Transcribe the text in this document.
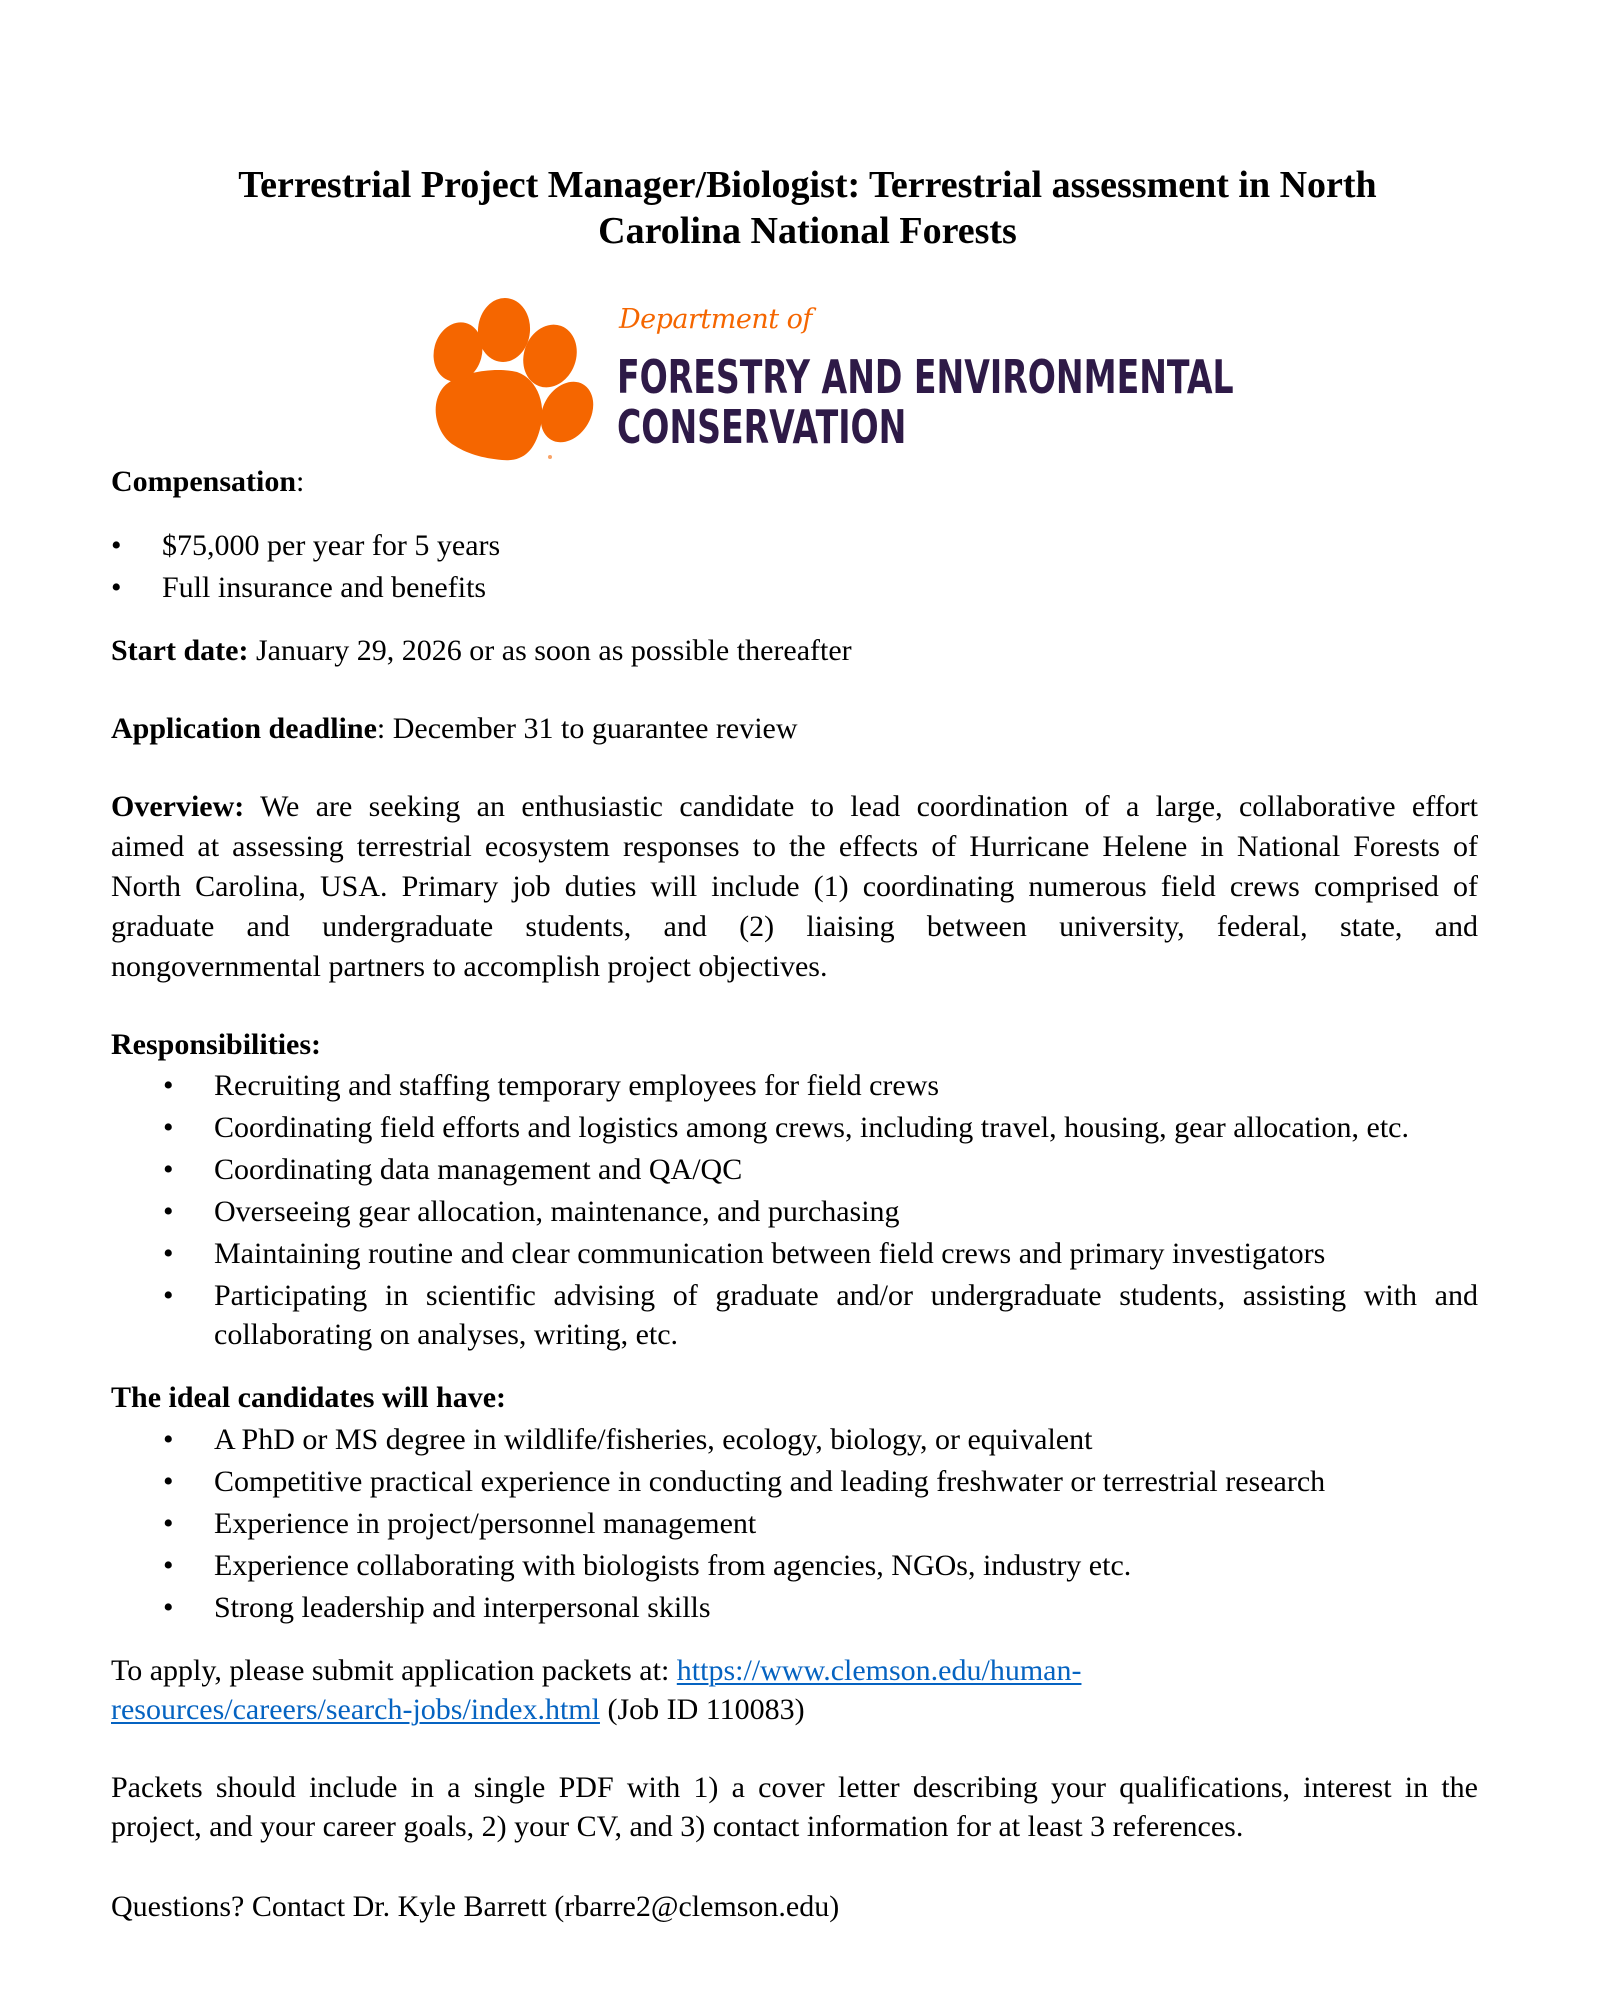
Terrestrial Project Manager/Biologist: Terrestrial assessment in North
Carolina National Forests
Department of
FORESTRY AND ENVIRONMENTAL
CONSERVATION
Compensation:
• $75,000 per year for 5 years
• Full insurance and benefits
Start date: January 29, 2026 or as soon as possible thereafter
Application deadline: December 31 to guarantee review
Overview: We are seeking an enthusiastic candidate to lead coordination of a large, collaborative effort
aimed at assessing terrestrial ecosystem responses to the effects of Hurricane Helene in National Forests of
North Carolina, USA. Primary job duties will include (1) coordinating numerous field crews comprised of
graduate and undergraduate students, and (2) liaising between university, federal, state, and
nongovernmental partners to accomplish project objectives.
Responsibilities:
• Recruiting and staffing temporary employees for field crews
• Coordinating field efforts and logistics among crews, including travel, housing, gear allocation, etc.
• Coordinating data management and QA/QC
• Overseeing gear allocation, maintenance, and purchasing
• Maintaining routine and clear communication between field crews and primary investigators
• Participating in scientific advising of graduate and/or undergraduate students, assisting with and
collaborating on analyses, writing, etc.
The ideal candidates will have:
• A PhD or MS degree in wildlife/fisheries, ecology, biology, or equivalent
• Competitive practical experience in conducting and leading freshwater or terrestrial research
• Experience in project/personnel management
• Experience collaborating with biologists from agencies, NGOs, industry etc.
• Strong leadership and interpersonal skills
To apply, please submit application packets at: https://www.clemson.edu/human-
resources/careers/search-jobs/index.html (Job ID 110083)
Packets should include in a single PDF with 1) a cover letter describing your qualifications, interest in the
project, and your career goals, 2) your CV, and 3) contact information for at least 3 references.
Questions? Contact Dr. Kyle Barrett (rbarre2@clemson.edu)
